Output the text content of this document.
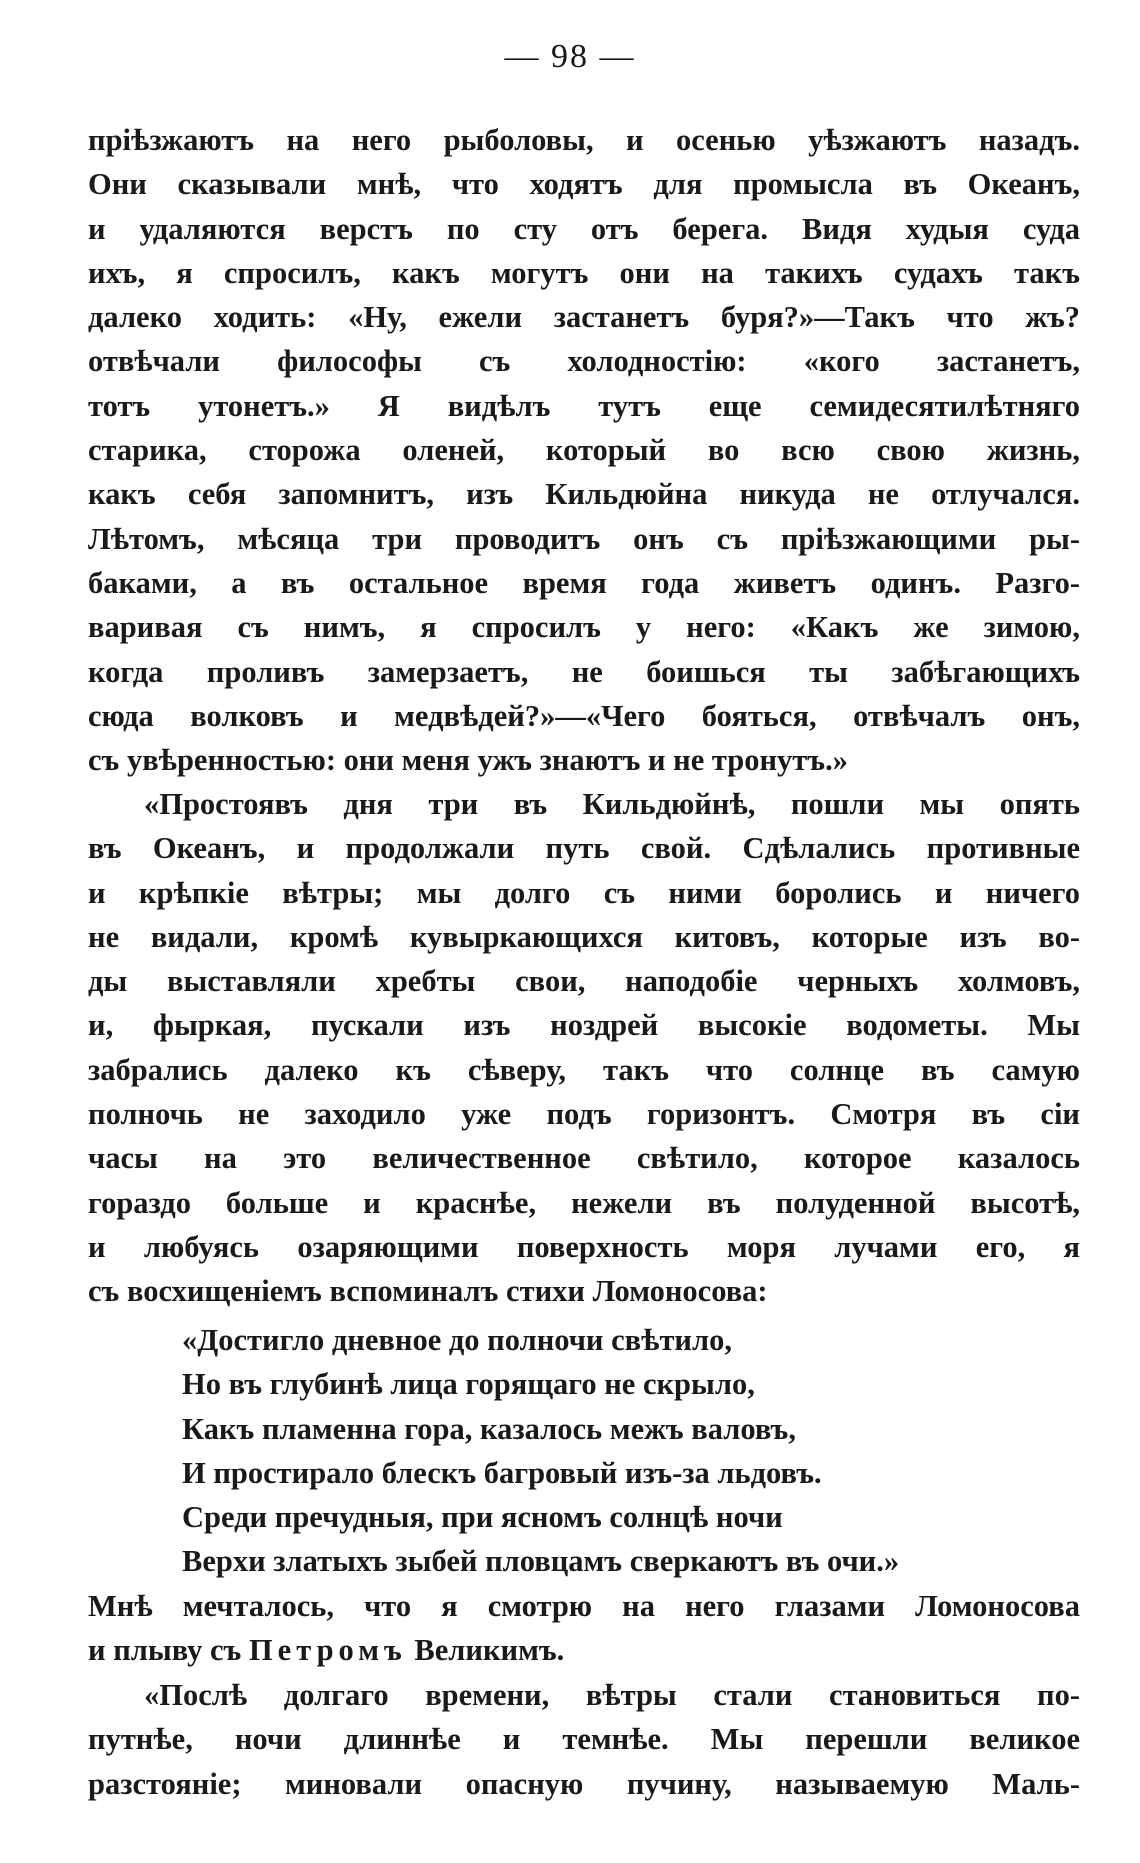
— 98 —
пріѣзжаютъ на него рыболовы, и осенью уѣзжаютъ назадъ.
Они сказывали мнѣ, что ходятъ для промысла въ Океанъ,
и удаляются верстъ по сту отъ берега. Видя худыя суда
ихъ, я спросилъ, какъ могутъ они на такихъ судахъ такъ
далеко ходить: «Ну, ежели застанетъ буря?»—Такъ что жъ?
отвѣчали философы съ холодностію: «кого застанетъ,
тотъ утонетъ.» Я видѣлъ тутъ еще семидесятилѣтняго
старика, сторожа оленей, который во всю свою жизнь,
какъ себя запомнитъ, изъ Кильдюйна никуда не отлучался.
Лѣтомъ, мѣсяца три проводитъ онъ съ пріѣзжающими ры-
баками, а въ остальное время года живетъ одинъ. Разго-
варивая съ нимъ, я спросилъ у него: «Какъ же зимою,
когда проливъ замерзаетъ, не боишься ты забѣгающихъ
сюда волковъ и медвѣдей?»—«Чего бояться, отвѣчалъ онъ,
съ увѣренностью: они меня ужъ знаютъ и не тронутъ.»
«Простоявъ дня три въ Кильдюйнѣ, пошли мы опять
въ Океанъ, и продолжали путь свой. Сдѣлались противные
и крѣпкіе вѣтры; мы долго съ ними боролись и ничего
не видали, кромѣ кувыркающихся китовъ, которые изъ во-
ды выставляли хребты свои, наподобіе черныхъ холмовъ,
и, фыркая, пускали изъ ноздрей высокіе водометы. Мы
забрались далеко къ сѣверу, такъ что солнце въ самую
полночь не заходило уже подъ горизонтъ. Смотря въ сіи
часы на это величественное свѣтило, которое казалось
гораздо больше и краснѣе, нежели въ полуденной высотѣ,
и любуясь озаряющими поверхность моря лучами его, я
съ восхищеніемъ вспоминалъ стихи Ломоносова:
«Достигло дневное до полночи свѣтило,
Но въ глубинѣ лица горящаго не скрыло,
Какъ пламенна гора, казалось межъ валовъ,
И простирало блескъ багровый изъ-за льдовъ.
Среди пречудныя, при ясномъ солнцѣ ночи
Верхи златыхъ зыбей пловцамъ сверкаютъ въ очи.»
Мнѣ мечталось, что я смотрю на него глазами Ломоносова
и плыву съ Петромъ Великимъ.
«Послѣ долгаго времени, вѣтры стали становиться по-
путнѣе, ночи длиннѣе и темнѣе. Мы перешли великое
разстояніе; миновали опасную пучину, называемую Маль-
